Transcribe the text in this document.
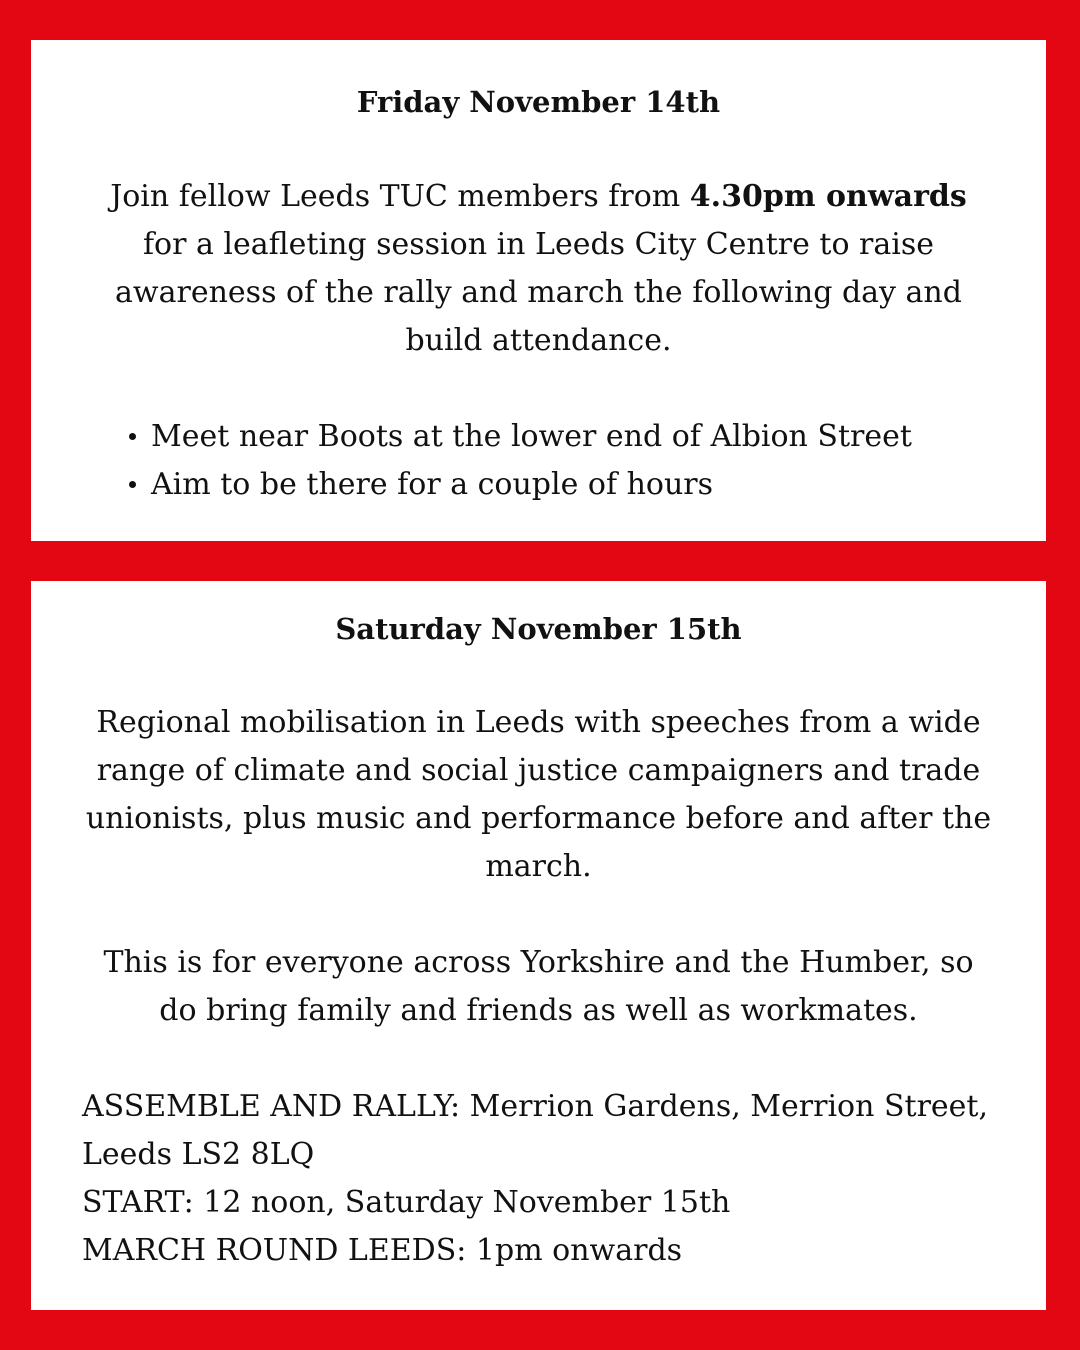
Friday November 14th

Join fellow Leeds TUC members from 4.30pm onwards for a leafleting session in Leeds City Centre to raise awareness of the rally and march the following day and build attendance.

Meet near Boots at the lower end of Albion Street
Aim to be there for a couple of hours
Saturday November 15th

Regional mobilisation in Leeds with speeches from a wide range of climate and social justice campaigners and trade unionists, plus music and performance before and after the march.

This is for everyone across Yorkshire and the Humber, so do bring family and friends as well as workmates.

ASSEMBLE AND RALLY: Merrion Gardens, Merrion Street,
Leeds LS2 8LQ
START: 12 noon, Saturday November 15th
MARCH ROUND LEEDS: 1pm onwards
